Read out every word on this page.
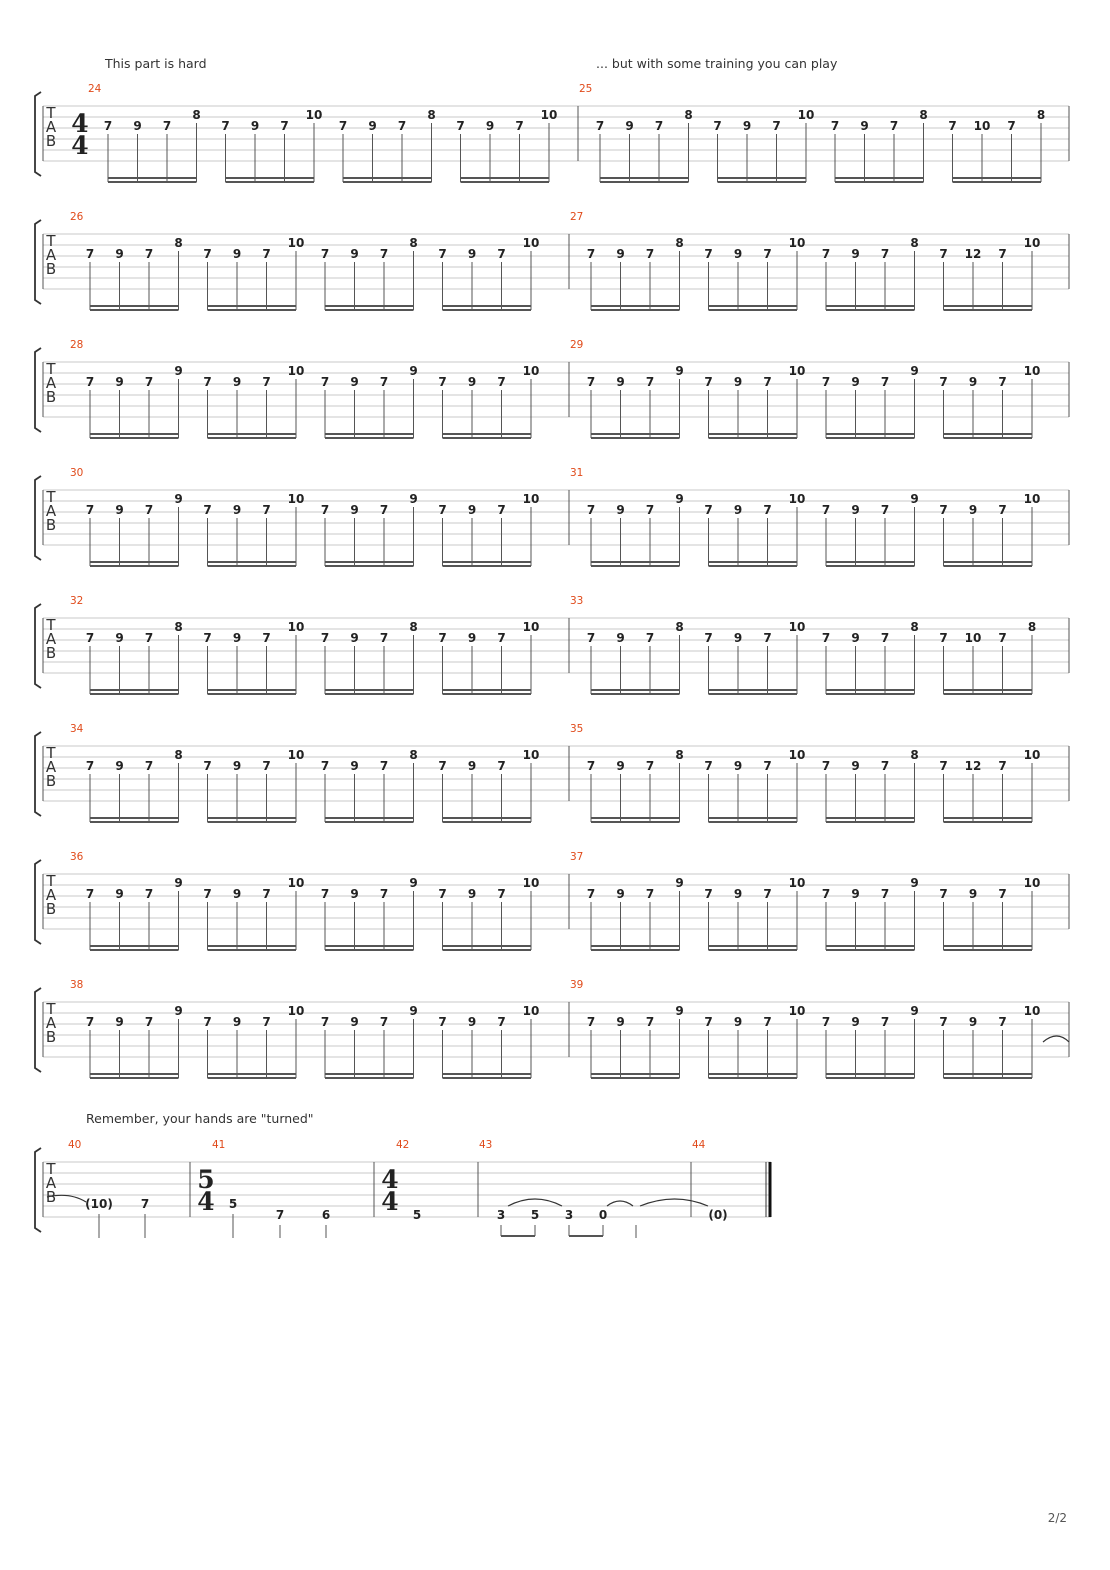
This part is hard	... but with some training you can play
Remember, your hands are "turned"
T
A
B
24
4
4
7 9 7
8
7 9 7
10
7 9 7
8
7 9 7
10
25
7 9 7
8
7 9 7
10
7 9 7
8
7 10 7
8
T
A
B
26
7 9 7
8
7 9 7
10
7 9 7
8
7 9 7
10
27
7 9 7
8
7 9 7
10
7 9 7
8
7 12 7
10
T
A
B
28
7 9 7
9
7 9 7
10
7 9 7
9
7 9 7
10
29
7 9 7
9
7 9 7
10
7 9 7
9
7 9 7
10
T
A
B
30
7 9 7
9
7 9 7
10
7 9 7
9
7 9 7
10
31
7 9 7
9
7 9 7
10
7 9 7
9
7 9 7
10
T
A
B
32
7 9 7
8
7 9 7
10
7 9 7
8
7 9 7
10
33
7 9 7
8
7 9 7
10
7 9 7
8
7 10 7
8
T
A
B
34
7 9 7
8
7 9 7
10
7 9 7
8
7 9 7
10
35
7 9 7
8
7 9 7
10
7 9 7
8
7 12 7
10
T
A
B
36
7 9 7
9
7 9 7
10
7 9 7
9
7 9 7
10
37
7 9 7
9
7 9 7
10
7 9 7
9
7 9 7
10
T
A
B
38
7 9 7
9
7 9 7
10
7 9 7
9
7 9 7
10
39
7 9 7
9
7 9 7
10
7 9 7
9
7 9 7
10
T
A
B
40	41	42	43	44
5
4
4
4
(10) 7	5
7	6	5	3 5 3 0	(0)
2/2
